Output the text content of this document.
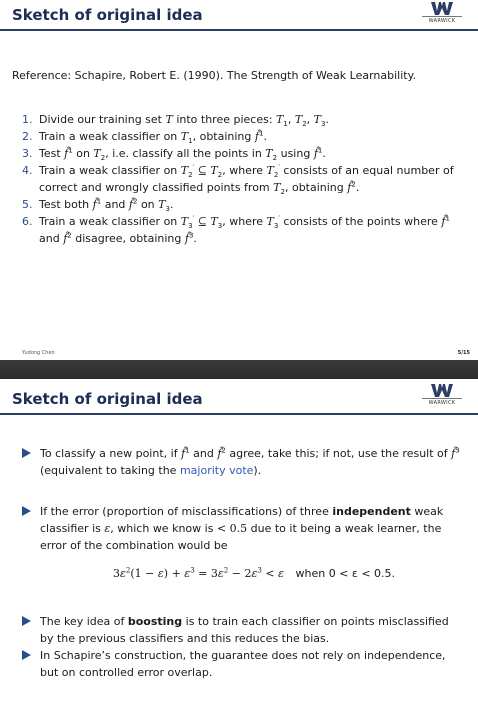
Sketch of original idea	WARWICK
Reference: Schapire, Robert E. (1990). The Strength of Weak Learnability.
1. Divide our training set T into three pieces: $T_1$, $T_2$, $T_3$.
2. Train a weak classifier on $T_1$, obtaining f̂$^1$.
3. Test f̂$^1$ on $T_2$, i.e. classify all the points in $T_2$ using f̂$^1$.
4. Train a weak classifier on $T_2'$ ⊆ $T_2$, where $T_2'$ consists of an equal number of correct and wrongly classified points from $T_2$, obtaining f̂$^2$.
5. Test both f̂$^1$ and f̂$^2$ on $T_3$.
6. Train a weak classifier on $T_3'$ ⊆ $T_3$, where $T_3'$ consists of the points where f̂$^1$ and f̂$^2$ disagree, obtaining f̂$^3$.
Yudong Chen	5/15
Sketch of original idea	WARWICK
To classify a new point, if f̂$^1$ and f̂$^2$ agree, take this; if not, use the result of f̂$^3$ (equivalent to taking the majority vote).
If the error (proportion of misclassifications) of three independent weak classifier is ε, which we know is < 0.5 due to it being a weak learner, the error of the combination would be
$3\varepsilon^2(1 - \varepsilon) + \varepsilon^3 = 3\varepsilon^2 - 2\varepsilon^3 < \varepsilon$ when 0 < ε < 0.5.
The key idea of boosting is to train each classifier on points misclassified by the previous classifiers and this reduces the bias.
In Schapire’s construction, the guarantee does not rely on independence, but on controlled error overlap.
